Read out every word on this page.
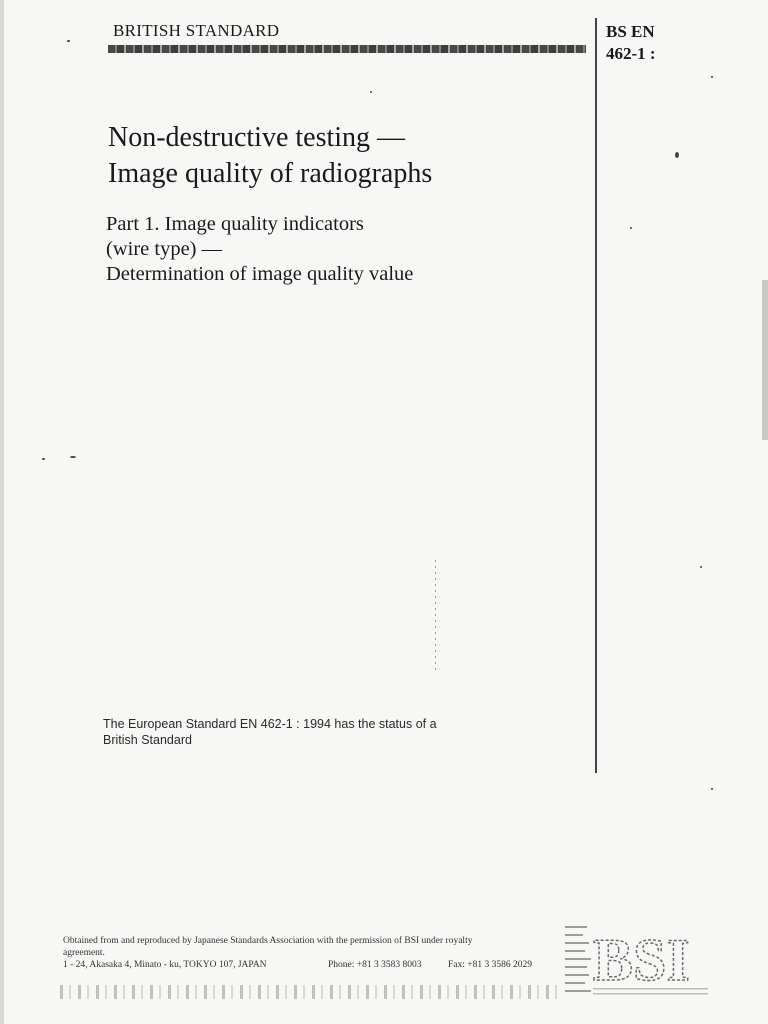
BRITISH STANDARD	BS EN
462-1 :
Non-destructive testing —
Image quality of radiographs
Part 1. Image quality indicators
(wire type) —
Determination of image quality value
The European Standard EN 462-1 : 1994 has the status of a
British Standard
Obtained from and reproduced by Japanese Standards Association with the permission of BSI under royalty
agreement.
1 - 24, Akasaka 4, Minato - ku, TOKYO 107, JAPAN	Phone: +81 3 3583 8003	Fax: +81 3 3586 2029 BSI
